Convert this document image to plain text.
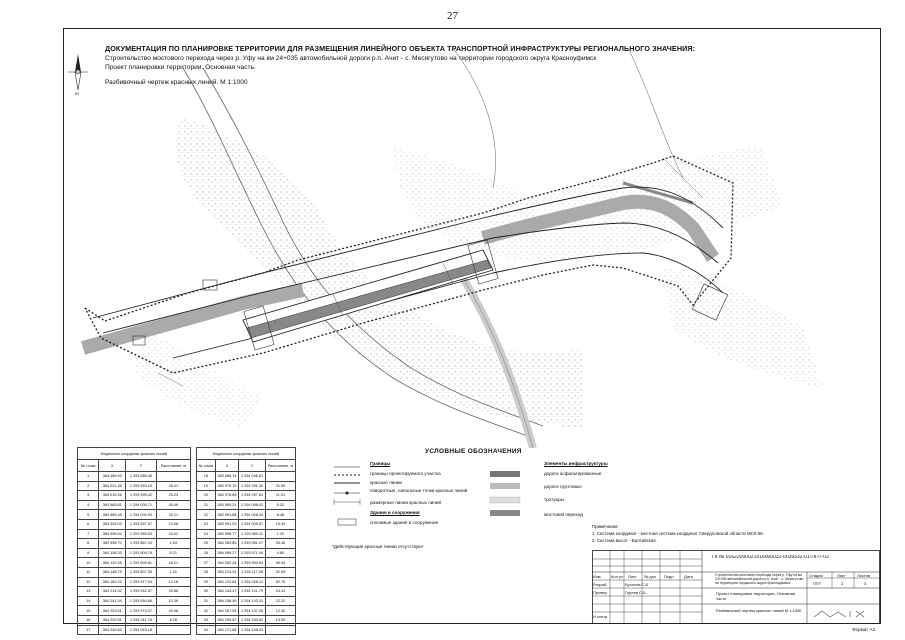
27
Ю
ДОКУМЕНТАЦИЯ ПО ПЛАНИРОВКЕ ТЕРРИТОРИИ ДЛЯ РАЗМЕЩЕНИЯ ЛИНЕЙНОГО ОБЪЕКТА ТРАНСПОРТНОЙ ИНФРАСТРУКТУРЫ РЕГИОНАЛЬНОГО ЗНАЧЕНИЯ:
Строительство мостового перехода через р. Уфу на км 24+035 автомобильной дороги р.п. Ачит - с. Месягутово на территории городского округа Красноуфимск
Проект планировки территории. Основная часть.
Разбивочный чертеж красных линий. М 1:1000
Ведомость координат красных линий			
№ точки	X	Y	Расстояние, м
1	364 489.92	1 293 689.46	
2	364 021.45	1 293 953.15	35.41
3	364 015.46	1 293 999.42	25.23
4	363 985.81	1 294 000.71	45.46
5	363 985.48	1 294 000.93	33.21
6	363 945.02	1 293 927.57	10.08
7	363 996.54	1 293 989.53	34.02
8	363 998.70	1 293 887.20	1.54
9	364 108.33	1 293 909.79	5.21
10	364 120.46	1 293 909.81	18.21
11	364 148.79	1 293 907.35	1.31
12	364 182.22	1 293 917.94	12.18
13	364 214.02	1 293 942.57	25.86
14	364 241.34	1 293 954.66	12.36
15	364 253.51	1 293 974.07	40.08
16	364 220.51	1 294 011.78	8.28
17	364 240.63	1 294 015.18	
Ведомость координат красных линий			
№ точки	X	Y	Расстояние, м
18	363 988.14	1 294 046.81	
19	363 975.76	1 294 091.32	31.50
20	363 978.68	1 294 097.81	11.51
21	363 965.21	1 294 098.02	5.32
22	363 991.88	1 294 028.44	8.48
23	363 991.03	1 294 009.57	15.49
24	363 998.77	1 293 969.11	1.20
25	364 069.85	1 293 981.07	33.48
26	364 089.27	1 293 971.94	4.80
27	364 092.26	1 293 993.64	55.54
28	364 214.01	1 294 117.08	31.05
29	364 122.84	1 294 028.12	62.76
30	364 143.47	1 294 121.79	24.14
31	364 158.46	1 294 142.31	22.22
32	364 167.56	1 294 137.25	12.30
33	364 109.62	1 294 150.62	13.90
34	364 171.88	1 294 158.43	
УСЛОВНЫЕ ОБОЗНАЧЕНИЯ
Границы
границы проектируемого участка
красные линии
поворотные, начальные точки красных линий
размерные линии красных линий
Здания и сооружения
сносимые здания и сооружения
Элементы инфраструктуры
дороги асфальтированные
дороги грунтовые
тротуары
мостовой переход
*Действующие красные линии отсутствуют
Примечания:
1. Система координат - местная система координат Свердловской области МСК-66.
2. Система высот - Балтийская.
ГК № 01622000021916000031-0039332-01-ППТ-02
Строительство мостового перехода через р. Уфу на км 24+035 автомобильной дороги р.п. Ачит - с. Месягутово на территории городского округа Красноуфимск
Проект планировки территории. Основная часть
Разбивочный чертеж красных линий М 1:1000
Стадия	Лист	Листов
ППТ	2	3
Изм. Кол.уч Лист № док. Подп. Дата
Разраб.	Бухалов С.Б.
Провер.	Гореев С.Б.
Н.контр.
Формат А3
